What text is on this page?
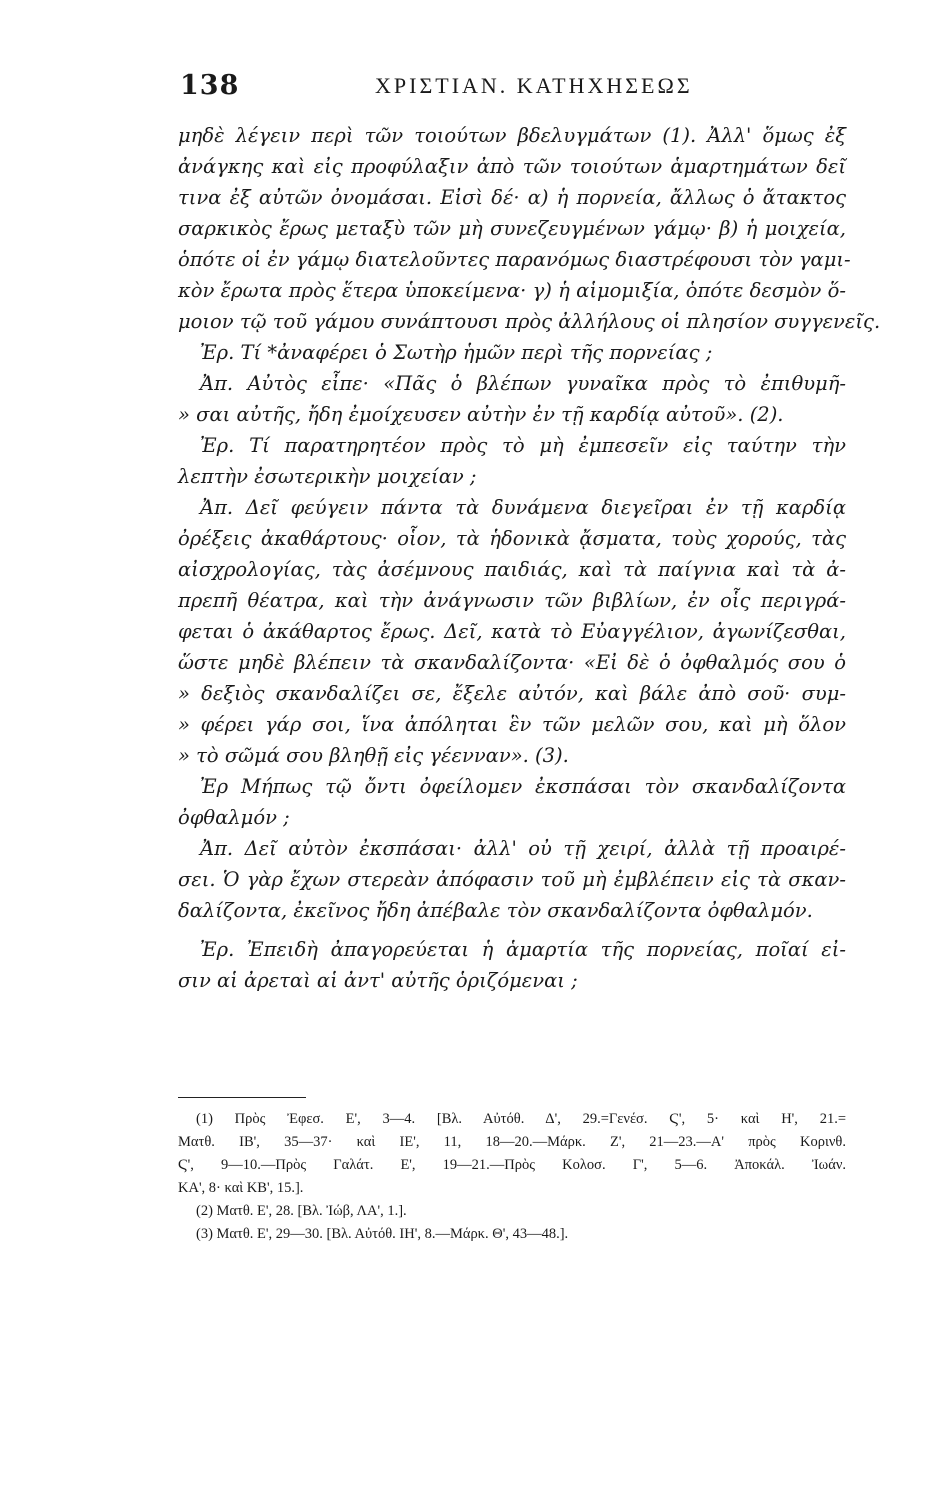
138	ΧΡΙΣΤΙΑΝ. ΚΑΤΗΧΗΣΕΩΣ
μηδὲ λέγειν περὶ τῶν τοιούτων βδελυγμάτων (1). Ἀλλ' ὅμως ἐξ
ἀνάγκης καὶ εἰς προφύλαξιν ἀπὸ τῶν τοιούτων ἁμαρτημάτων δεῖ
τινα ἐξ αὐτῶν ὀνομάσαι. Εἰσὶ δέ· α) ἡ πορνεία, ἄλλως ὁ ἄτακτος
σαρκικὸς ἔρως μεταξὺ τῶν μὴ συνεζευγμένων γάμῳ· β) ἡ μοιχεία,
ὁπότε οἱ ἐν γάμῳ διατελοῦντες παρανόμως διαστρέφουσι τὸν γαμι-
κὸν ἔρωτα πρὸς ἕτερα ὑποκείμενα· γ) ἡ αἱμομιξία, ὁπότε δεσμὸν ὅ-
μοιον τῷ τοῦ γάμου συνάπτουσι πρὸς ἀλλήλους οἱ πλησίον συγγενεῖς.
Ἐρ. Τί *ἀναφέρει ὁ Σωτὴρ ἡμῶν περὶ τῆς πορνείας ;
Ἀπ. Αὐτὸς εἶπε· «Πᾶς ὁ βλέπων γυναῖκα πρὸς τὸ ἐπιθυμῆ-
» σαι αὐτῆς, ἤδη ἐμοίχευσεν αὐτὴν ἐν τῇ καρδίᾳ αὐτοῦ». (2).
Ἐρ. Τί παρατηρητέον πρὸς τὸ μὴ ἐμπεσεῖν εἰς ταύτην τὴν
λεπτὴν ἐσωτερικὴν μοιχείαν ;
Ἀπ. Δεῖ φεύγειν πάντα τὰ δυνάμενα διεγεῖραι ἐν τῇ καρδίᾳ
ὀρέξεις ἀκαθάρτους· οἷον, τὰ ἡδονικὰ ᾄσματα, τοὺς χορούς, τὰς
αἰσχρολογίας, τὰς ἀσέμνους παιδιάς, καὶ τὰ παίγνια καὶ τὰ ἀ-
πρεπῆ θέατρα, καὶ τὴν ἀνάγνωσιν τῶν βιβλίων, ἐν οἷς περιγρά-
φεται ὁ ἀκάθαρτος ἔρως. Δεῖ, κατὰ τὸ Εὐαγγέλιον, ἀγωνίζεσθαι,
ὥστε μηδὲ βλέπειν τὰ σκανδαλίζοντα· «Εἰ δὲ ὁ ὀφθαλμός σου ὁ
» δεξιὸς σκανδαλίζει σε, ἔξελε αὐτόν, καὶ βάλε ἀπὸ σοῦ· συμ-
» φέρει γάρ σοι, ἵνα ἀπόληται ἓν τῶν μελῶν σου, καὶ μὴ ὅλον
» τὸ σῶμά σου βληθῇ εἰς γέενναν». (3).
Ἐρ Μήπως τῷ ὄντι ὀφείλομεν ἐκσπάσαι τὸν σκανδαλίζοντα
ὀφθαλμόν ;
Ἀπ. Δεῖ αὐτὸν ἐκσπάσαι· ἀλλ' οὐ τῇ χειρί, ἀλλὰ τῇ προαιρέ-
σει. Ὁ γὰρ ἔχων στερεὰν ἀπόφασιν τοῦ μὴ ἐμβλέπειν εἰς τὰ σκαν-
δαλίζοντα, ἐκεῖνος ἤδη ἀπέβαλε τὸν σκανδαλίζοντα ὀφθαλμόν.
Ἐρ. Ἐπειδὴ ἀπαγορεύεται ἡ ἁμαρτία τῆς πορνείας, ποῖαί εἰ-
σιν αἱ ἀρεταὶ αἱ ἀντ' αὐτῆς ὁριζόμεναι ;
(1) Πρὸς Ἐφεσ. Ε', 3—4. [Βλ. Αὐτόθ. Δ', 29.=Γενέσ. Ϛ', 5· καὶ Η', 21.=
Ματθ. ΙΒ', 35—37· καὶ ΙΕ', 11, 18—20.—Μάρκ. Ζ', 21—23.—Α' πρὸς Κορινθ.
Ϛ', 9—10.—Πρὸς Γαλάτ. Ε', 19—21.—Πρὸς Κολοσ. Γ', 5—6. Ἀποκάλ. Ἰωάν.
ΚΑ', 8· καὶ ΚΒ', 15.].
(2) Ματθ. Ε', 28. [Βλ. Ἰώβ, ΛΑ', 1.].
(3) Ματθ. Ε', 29—30. [Βλ. Αὐτόθ. ΙΗ', 8.—Μάρκ. Θ', 43—48.].
